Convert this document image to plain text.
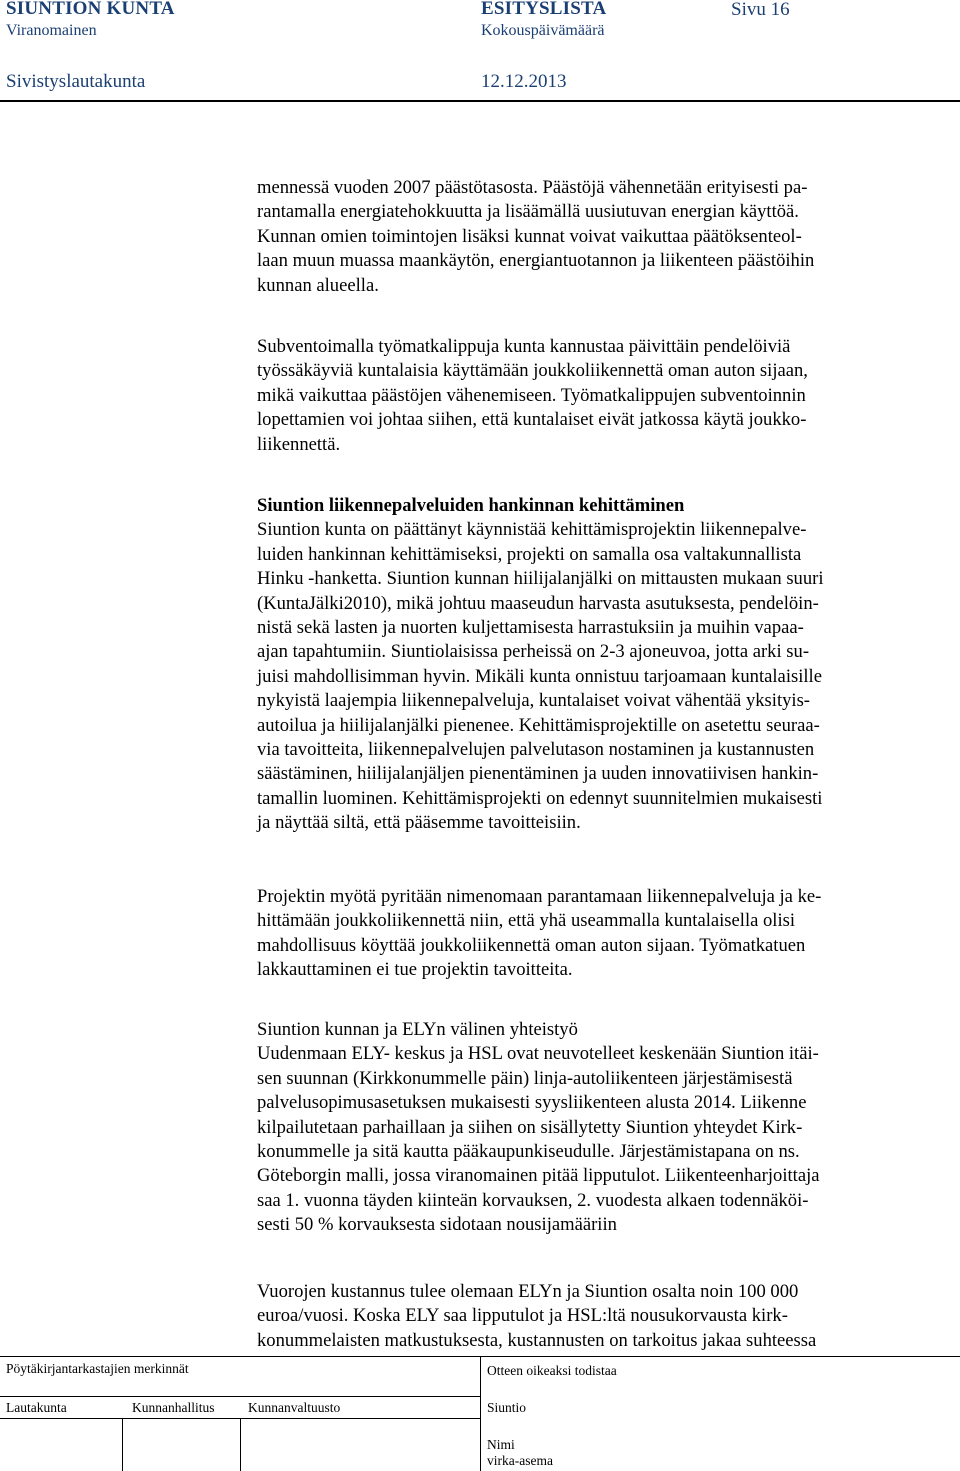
SIUNTION KUNTA	ESITYSLISTA	Sivu 16
Viranomainen	Kokouspäivämäärä
Sivistyslautakunta	12.12.2013
mennessä vuoden 2007 päästötasosta. Päästöjä vähennetään erityisesti pa-
rantamalla energiatehokkuutta ja lisäämällä uusiutuvan energian käyttöä.
Kunnan omien toimintojen lisäksi kunnat voivat vaikuttaa päätöksenteol-
laan muun muassa maankäytön, energiantuotannon ja liikenteen päästöihin
kunnan alueella.
Subventoimalla työmatkalippuja kunta kannustaa päivittäin pendelöiviä
työssäkäyviä kuntalaisia käyttämään joukkoliikennettä oman auton sijaan,
mikä vaikuttaa päästöjen vähenemiseen. Työmatkalippujen subventoinnin
lopettamien voi johtaa siihen, että kuntalaiset eivät jatkossa käytä joukko-
liikennettä.
Siuntion liikennepalveluiden hankinnan kehittäminen
Siuntion kunta on päättänyt käynnistää kehittämisprojektin liikennepalve-
luiden hankinnan kehittämiseksi, projekti on samalla osa valtakunnallista
Hinku -hanketta. Siuntion kunnan hiilijalanjälki on mittausten mukaan suuri
(KuntaJälki2010), mikä johtuu maaseudun harvasta asutuksesta, pendelöin-
nistä sekä lasten ja nuorten kuljettamisesta harrastuksiin ja muihin vapaa-
ajan tapahtumiin. Siuntiolaisissa perheissä on 2-3 ajoneuvoa, jotta arki su-
juisi mahdollisimman hyvin. Mikäli kunta onnistuu tarjoamaan kuntalaisille
nykyistä laajempia liikennepalveluja, kuntalaiset voivat vähentää yksityis-
autoilua ja hiilijalanjälki pienenee. Kehittämisprojektille on asetettu seuraa-
via tavoitteita, liikennepalvelujen palvelutason nostaminen ja kustannusten
säästäminen, hiilijalanjäljen pienentäminen ja uuden innovatiivisen hankin-
tamallin luominen. Kehittämisprojekti on edennyt suunnitelmien mukaisesti
ja näyttää siltä, että pääsemme tavoitteisiin.
Projektin myötä pyritään nimenomaan parantamaan liikennepalveluja ja ke-
hittämään joukkoliikennettä niin, että yhä useammalla kuntalaisella olisi
mahdollisuus köyttää joukkoliikennettä oman auton sijaan. Työmatkatuen
lakkauttaminen ei tue projektin tavoitteita.
Siuntion kunnan ja ELYn välinen yhteistyö
Uudenmaan ELY- keskus ja HSL ovat neuvotelleet keskenään Siuntion itäi-
sen suunnan (Kirkkonummelle päin) linja-autoliikenteen järjestämisestä
palvelusopimusasetuksen mukaisesti syysliikenteen alusta 2014. Liikenne
kilpailutetaan parhaillaan ja siihen on sisällytetty Siuntion yhteydet Kirk-
konummelle ja sitä kautta pääkaupunkiseudulle. Järjestämistapana on ns.
Göteborgin malli, jossa viranomainen pitää lipputulot. Liikenteenharjoittaja
saa 1. vuonna täyden kiinteän korvauksen, 2. vuodesta alkaen todennäköi-
sesti 50 % korvauksesta sidotaan nousijamääriin
Vuorojen kustannus tulee olemaan ELYn ja Siuntion osalta noin 100 000
euroa/vuosi. Koska ELY saa lipputulot ja HSL:ltä nousukorvausta kirk-
konummelaisten matkustuksesta, kustannusten on tarkoitus jakaa suhteessa
Pöytäkirjantarkastajien merkinnät	Otteen oikeaksi todistaa
Lautakunta	Kunnanhallitus Kunnanvaltuusto	Siuntio
Nimi
virka-asema
